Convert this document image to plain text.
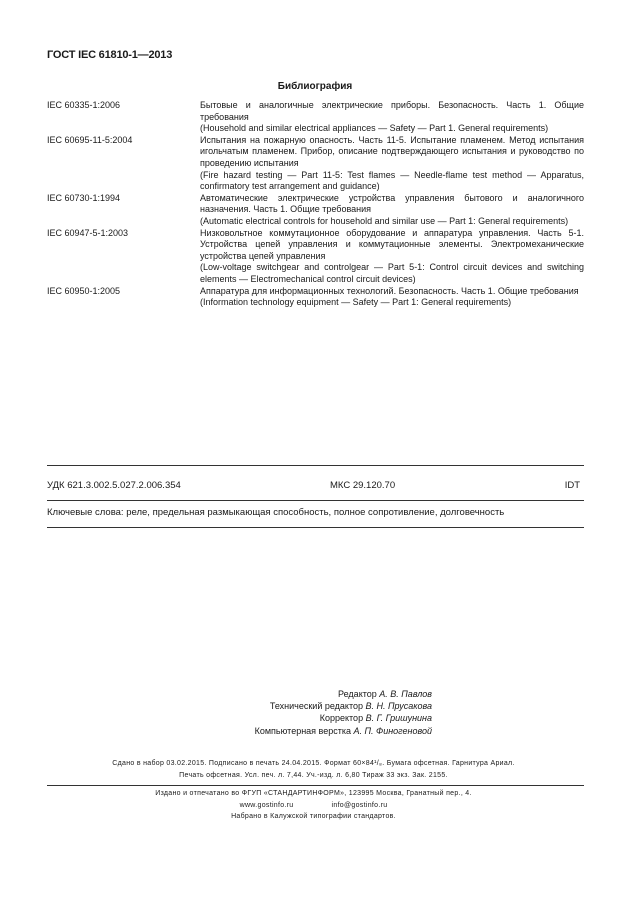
ГОСТ IEC 61810-1—2013
Библиография
IEC 60335-1:2006	Бытовые и аналогичные электрические приборы. Безопасность. Часть 1. Общие требования
(Household and similar electrical appliances — Safety — Part 1. General requirements)
IEC 60695-11-5:2004	Испытания на пожарную опасность. Часть 11-5. Испытание пламенем. Метод испытания игольчатым пламенем. Прибор, описание подтверждающего испытания и руководство по проведению испытания
(Fire hazard testing — Part 11-5: Test flames — Needle-flame test method — Apparatus, confirmatory test arrangement and guidance)
IEC 60730-1:1994	Автоматические электрические устройства управления бытового и аналогичного назначения. Часть 1. Общие требования
(Automatic electrical controls for household and similar use — Part 1: General requirements)
IEC 60947-5-1:2003	Низковольтное коммутационное оборудование и аппаратура управления. Часть 5-1. Устройства цепей управления и коммутационные элементы. Электромеханические устройства цепей управления
(Low-voltage switchgear and controlgear — Part 5-1: Control circuit devices and switching elements — Electromechanical control circuit devices)
IEC 60950-1:2005	Аппаратура для информационных технологий. Безопасность. Часть 1. Общие требования
(Information technology equipment — Safety — Part 1: General requirements)
УДК 621.3.002.5.027.2.006.354	МКС 29.120.70	IDT
Ключевые слова: реле, предельная размыкающая способность, полное сопротивление, долговечность
Редактор А. В. Павлов
Технический редактор В. Н. Прусакова
Корректор В. Г. Гришунина
Компьютерная верстка А. П. Финогеновой
Сдано в набор 03.02.2015. Подписано в печать 24.04.2015. Формат 60×84¹/₈. Бумага офсетная. Гарнитура Ариал.
Печать офсетная. Усл. печ. л. 7,44. Уч.-изд. л. 6,80 Тираж 33 экз. Зак. 2155.
Издано и отпечатано во ФГУП «СТАНДАРТИНФОРМ», 123995 Москва, Гранатный пер., 4.
www.gostinfo.ru	info@gostinfo.ru
Набрано в Калужской типографии стандартов.
